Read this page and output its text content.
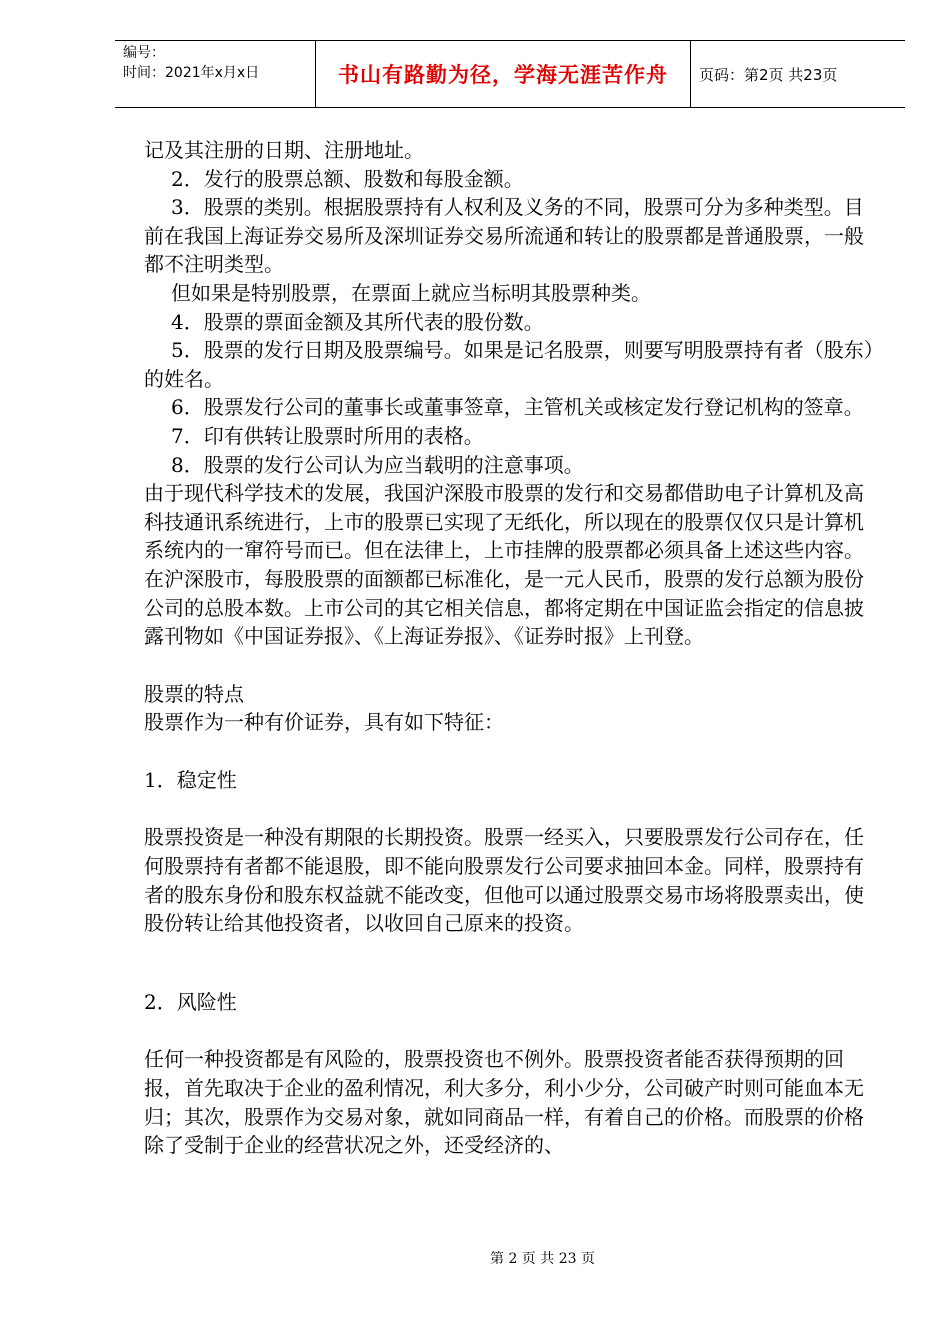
编号：
时间：2021年x月x日	书山有路勤为径，学海无涯苦作舟	页码：第2页 共23页

记及其注册的日期、注册地址。

2．发行的股票总额、股数和每股金额。

3．股票的类别。根据股票持有人权利及义务的不同，股票可分为多种类型。目前在我国上海证券交易所及深圳证券交易所流通和转让的股票都是普通股票，一般都不注明类型。

但如果是特别股票，在票面上就应当标明其股票种类。

4．股票的票面金额及其所代表的股份数。

5．股票的发行日期及股票编号。如果是记名股票，则要写明股票持有者（股东）的姓名。

6．股票发行公司的董事长或董事签章，主管机关或核定发行登记机构的签章。

7．印有供转让股票时所用的表格。

8．股票的发行公司认为应当载明的注意事项。

由于现代科学技术的发展，我国沪深股市股票的发行和交易都借助电子计算机及高科技通讯系统进行，上市的股票已实现了无纸化，所以现在的股票仅仅只是计算机系统内的一窜符号而已。但在法律上，上市挂牌的股票都必须具备上述这些内容。在沪深股市，每股股票的面额都已标准化，是一元人民币，股票的发行总额为股份公司的总股本数。上市公司的其它相关信息，都将定期在中国证监会指定的信息披露刊物如《中国证券报》、《上海证券报》、《证券时报》上刊登。

股票的特点

股票作为一种有价证券，具有如下特征：

1．稳定性

股票投资是一种没有期限的长期投资。股票一经买入，只要股票发行公司存在，任何股票持有者都不能退股，即不能向股票发行公司要求抽回本金。同样，股票持有者的股东身份和股东权益就不能改变，但他可以通过股票交易市场将股票卖出，使股份转让给其他投资者，以收回自己原来的投资。

2．风险性

任何一种投资都是有风险的，股票投资也不例外。股票投资者能否获得预期的回报，首先取决于企业的盈利情况，利大多分，利小少分，公司破产时则可能血本无归；其次，股票作为交易对象，就如同商品一样，有着自己的价格。而股票的价格除了受制于企业的经营状况之外，还受经济的、

第 2 页 共 23 页
